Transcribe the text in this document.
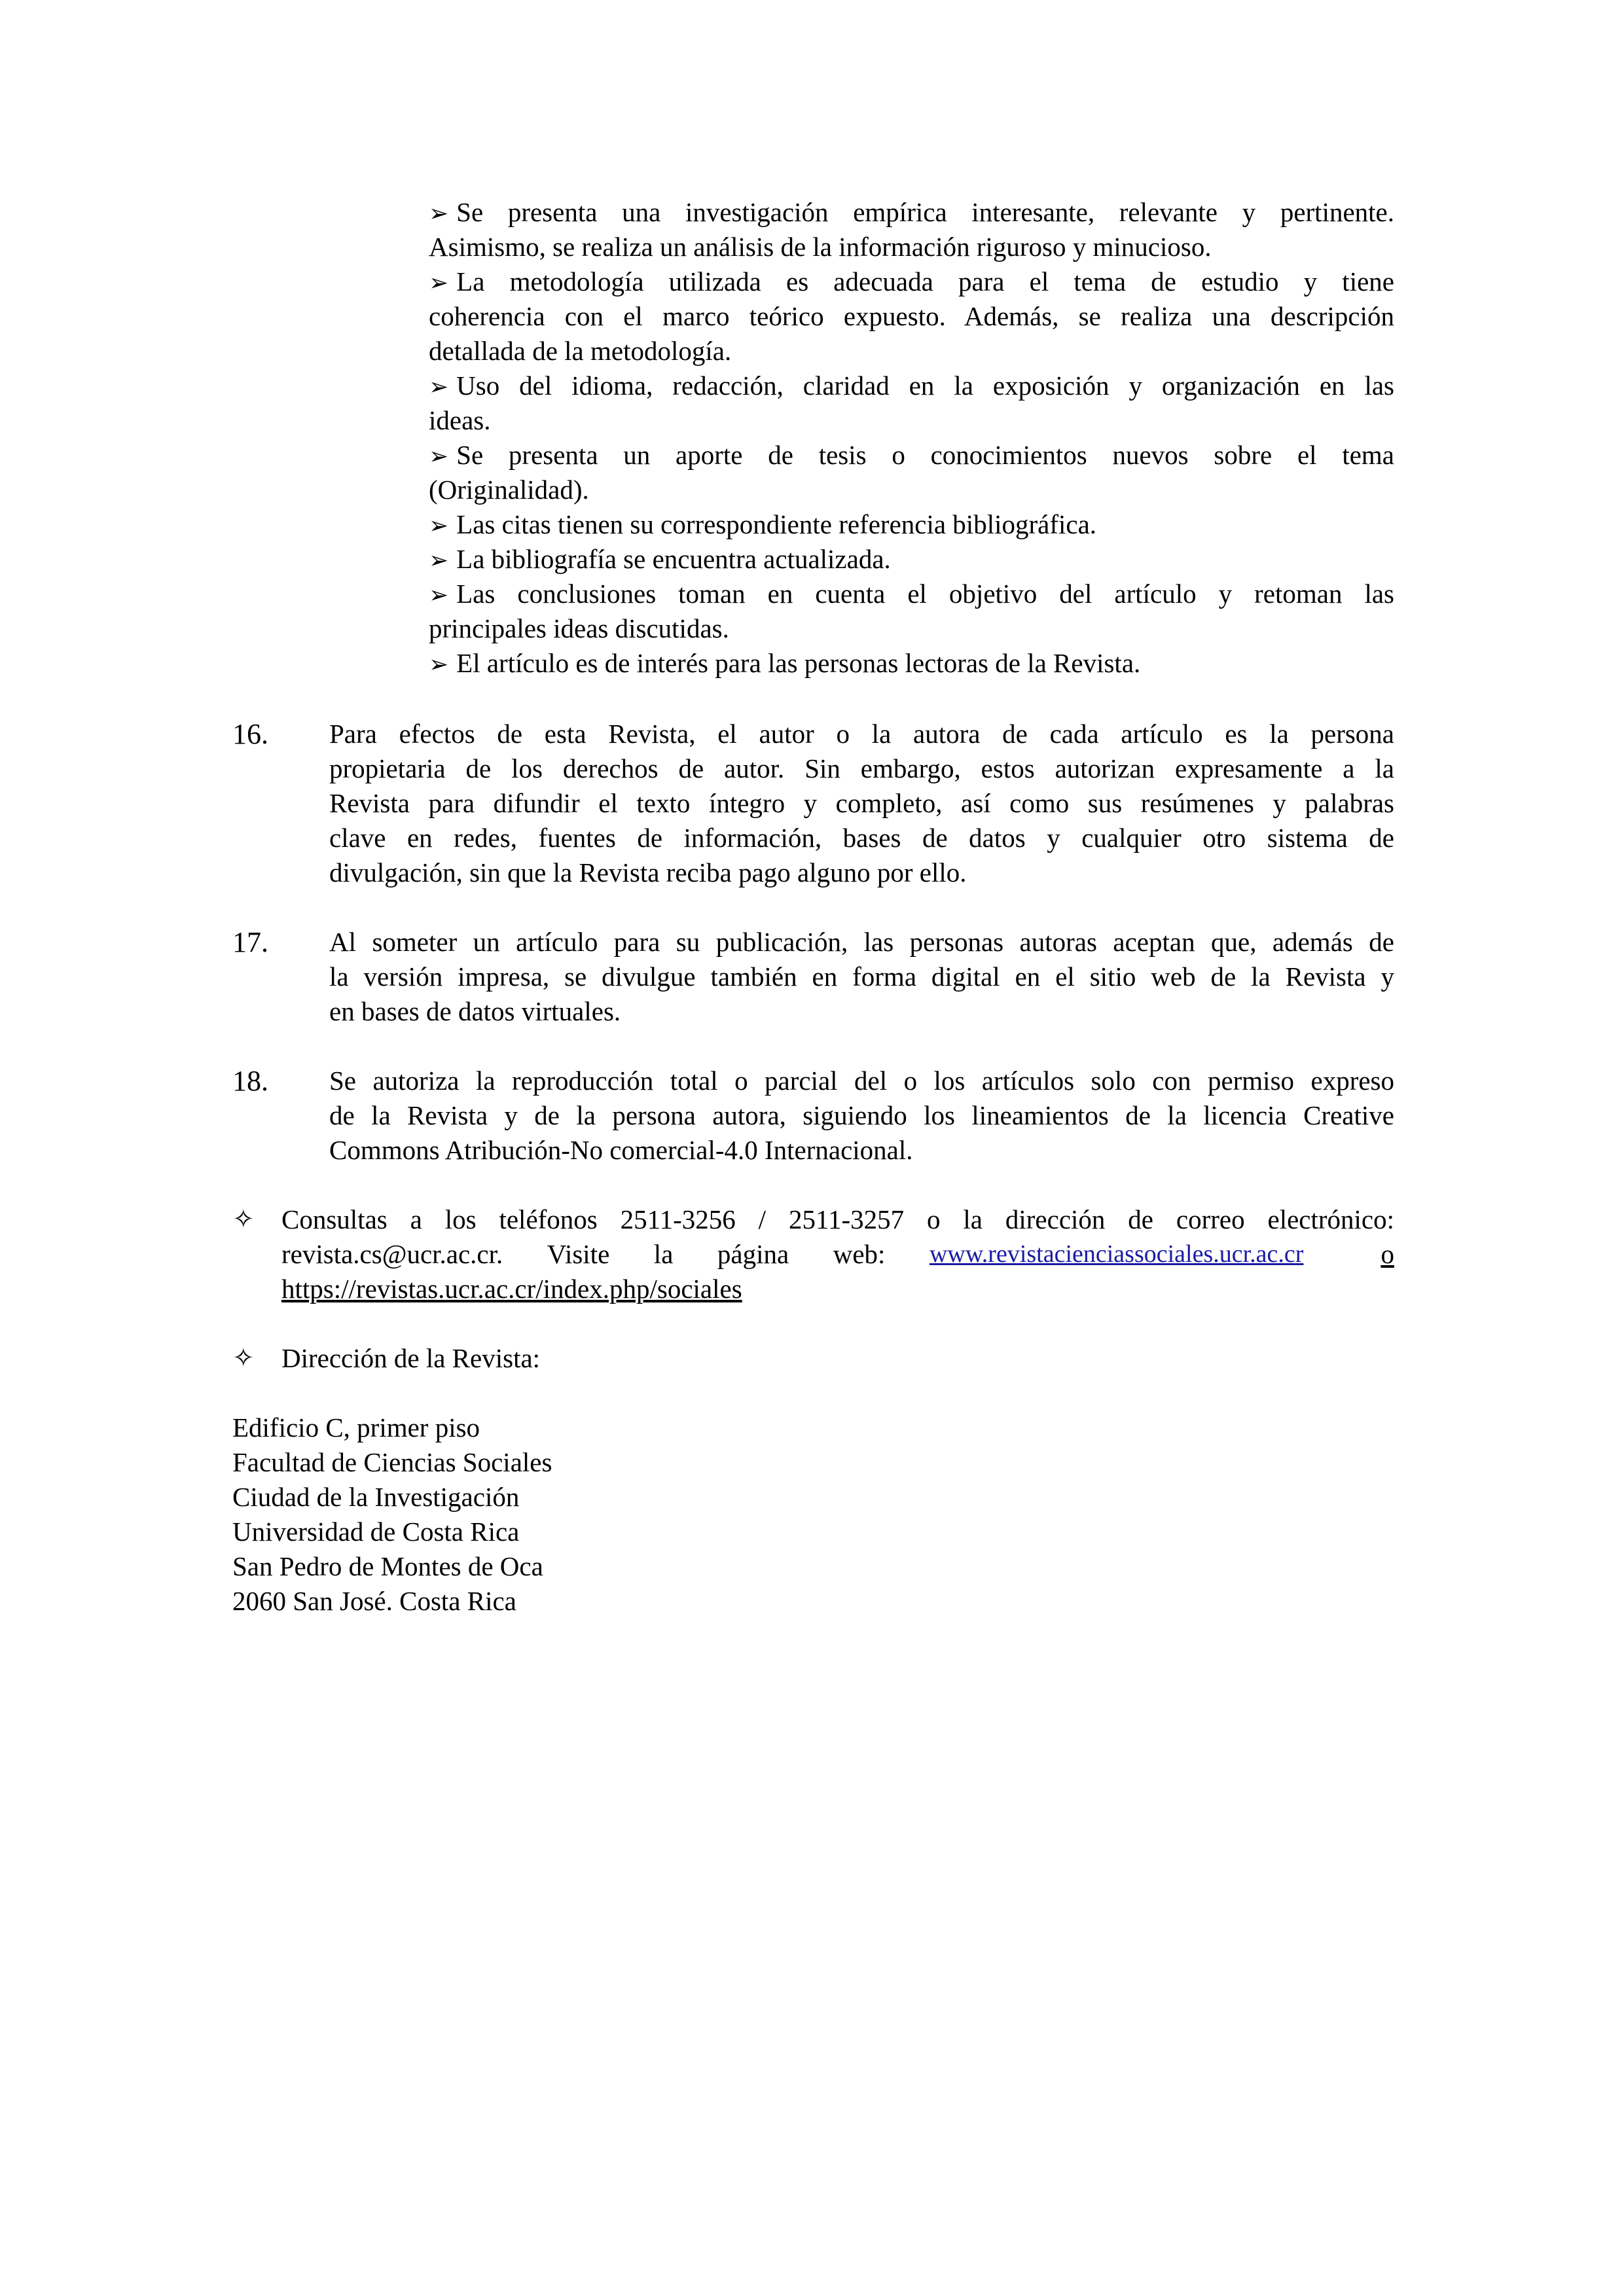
➢ Se presenta una investigación empírica interesante, relevante y pertinente.
Asimismo, se realiza un análisis de la información riguroso y minucioso.
➢ La metodología utilizada es adecuada para el tema de estudio y tiene
coherencia con el marco teórico expuesto. Además, se realiza una descripción
detallada de la metodología.
➢ Uso del idioma, redacción, claridad en la exposición y organización en las
ideas.
➢ Se presenta un aporte de tesis o conocimientos nuevos sobre el tema
(Originalidad).
➢ Las citas tienen su correspondiente referencia bibliográfica.
➢ La bibliografía se encuentra actualizada.
➢ Las conclusiones toman en cuenta el objetivo del artículo y retoman las
principales ideas discutidas.
➢ El artículo es de interés para las personas lectoras de la Revista.
16. Para efectos de esta Revista, el autor o la autora de cada artículo es la persona
propietaria de los derechos de autor. Sin embargo, estos autorizan expresamente a la
Revista para difundir el texto íntegro y completo, así como sus resúmenes y palabras
clave en redes, fuentes de información, bases de datos y cualquier otro sistema de
divulgación, sin que la Revista reciba pago alguno por ello.
17. Al someter un artículo para su publicación, las personas autoras aceptan que, además de
la versión impresa, se divulgue también en forma digital en el sitio web de la Revista y
en bases de datos virtuales.
18. Se autoriza la reproducción total o parcial del o los artículos solo con permiso expreso
de la Revista y de la persona autora, siguiendo los lineamientos de la licencia Creative
Commons Atribución-No comercial-4.0 Internacional.
✧ Consultas a los teléfonos 2511-3256 / 2511-3257 o la dirección de correo electrónico:
revista.cs@ucr.ac.cr. Visite la página web: www.revistacienciassociales.ucr.ac.cr	o
https://revistas.ucr.ac.cr/index.php/sociales
✧ Dirección de la Revista:
Edificio C, primer piso
Facultad de Ciencias Sociales
Ciudad de la Investigación
Universidad de Costa Rica
San Pedro de Montes de Oca
2060 San José. Costa Rica
